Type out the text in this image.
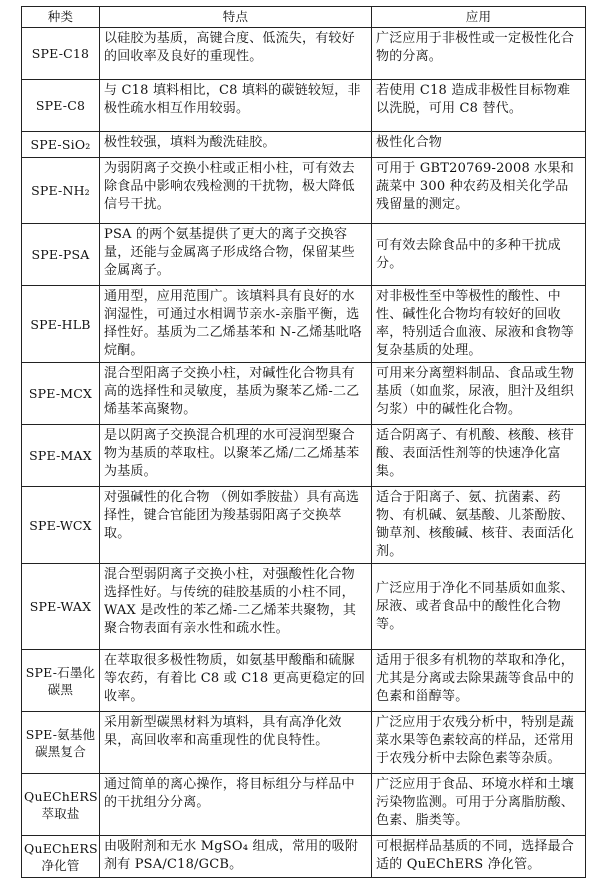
种类	特点	应用
SPE-C18	以硅胶为基质，高键合度、低流失，有较好的回收率及良好的重现性。	广泛应用于非极性或一定极性化合物的分离。
SPE-C8	与 C18 填料相比，C8 填料的碳链较短，非极性疏水相互作用较弱。	若使用 C18 造成非极性目标物难以洗脱，可用 C8 替代。
SPE-SiO₂	极性较强，填料为酸洗硅胶。	极性化合物
SPE-NH₂	为弱阴离子交换小柱或正相小柱，可有效去除食品中影响农残检测的干扰物，极大降低信号干扰。	可用于 GBT20769-2008 水果和蔬菜中 300 种农药及相关化学品残留量的测定。
SPE-PSA	PSA 的两个氨基提供了更大的离子交换容量，还能与金属离子形成络合物，保留某些金属离子。	可有效去除食品中的多种干扰成分。
SPE-HLB	通用型，应用范围广。该填料具有良好的水润湿性，可通过水相调节亲水-亲脂平衡，选择性好。基质为二乙烯基苯和 N-乙烯基吡咯烷酮。	对非极性至中等极性的酸性、中性、碱性化合物均有较好的回收率，特别适合血液、尿液和食物等复杂基质的处理。
SPE-MCX	混合型阳离子交换小柱，对碱性化合物具有高的选择性和灵敏度，基质为聚苯乙烯-二乙烯基苯高聚物。	可用来分离塑料制品、食品或生物基质（如血浆，尿液，胆汁及组织匀浆）中的碱性化合物。
SPE-MAX	是以阴离子交换混合机理的水可浸润型聚合物为基质的萃取柱。以聚苯乙烯/二乙烯基苯为基质。	适合阴离子、有机酸、核酸、核苷酸、表面活性剂等的快速净化富集。
SPE-WCX	对强碱性的化合物 （例如季胺盐）具有高选择性，键合官能团为羧基弱阳离子交换萃取。	适合于阳离子、氨、抗菌素、药物、有机碱、氨基酸、儿茶酚胺、锄草剂、核酸碱、核苷、表面活化剂。
SPE-WAX	混合型弱阴离子交换小柱，对强酸性化合物选择性好。与传统的硅胶基质的小柱不同，WAX 是改性的苯乙烯-二乙烯苯共聚物，其聚合物表面有亲水性和疏水性。	广泛应用于净化不同基质如血浆、尿液、或者食品中的酸性化合物等。
SPE-石墨化碳黑	在萃取很多极性物质，如氨基甲酸酯和硫脲等农药，有着比 C8 或 C18 更高更稳定的回收率。	适用于很多有机物的萃取和净化，尤其是分离或去除果蔬等食品中的色素和甾醇等。
SPE-氨基他碳黑复合	采用新型碳黑材料为填料，具有高净化效果，高回收率和高重现性的优良特性。	广泛应用于农残分析中，特别是蔬菜水果等色素较高的样品，还常用于农残分析中去除色素等杂质。
QuEChERS 萃取盐	通过简单的离心操作，将目标组分与样品中的干扰组分分离。	广泛应用于食品、环境水样和土壤污染物监测。可用于分离脂肪酸、色素、脂类等。
QuEChERS 净化管	由吸附剂和无水 MgSO₄ 组成，常用的吸附剂有 PSA/C18/GCB。	可根据样品基质的不同，选择最合适的 QuEChERS 净化管。
